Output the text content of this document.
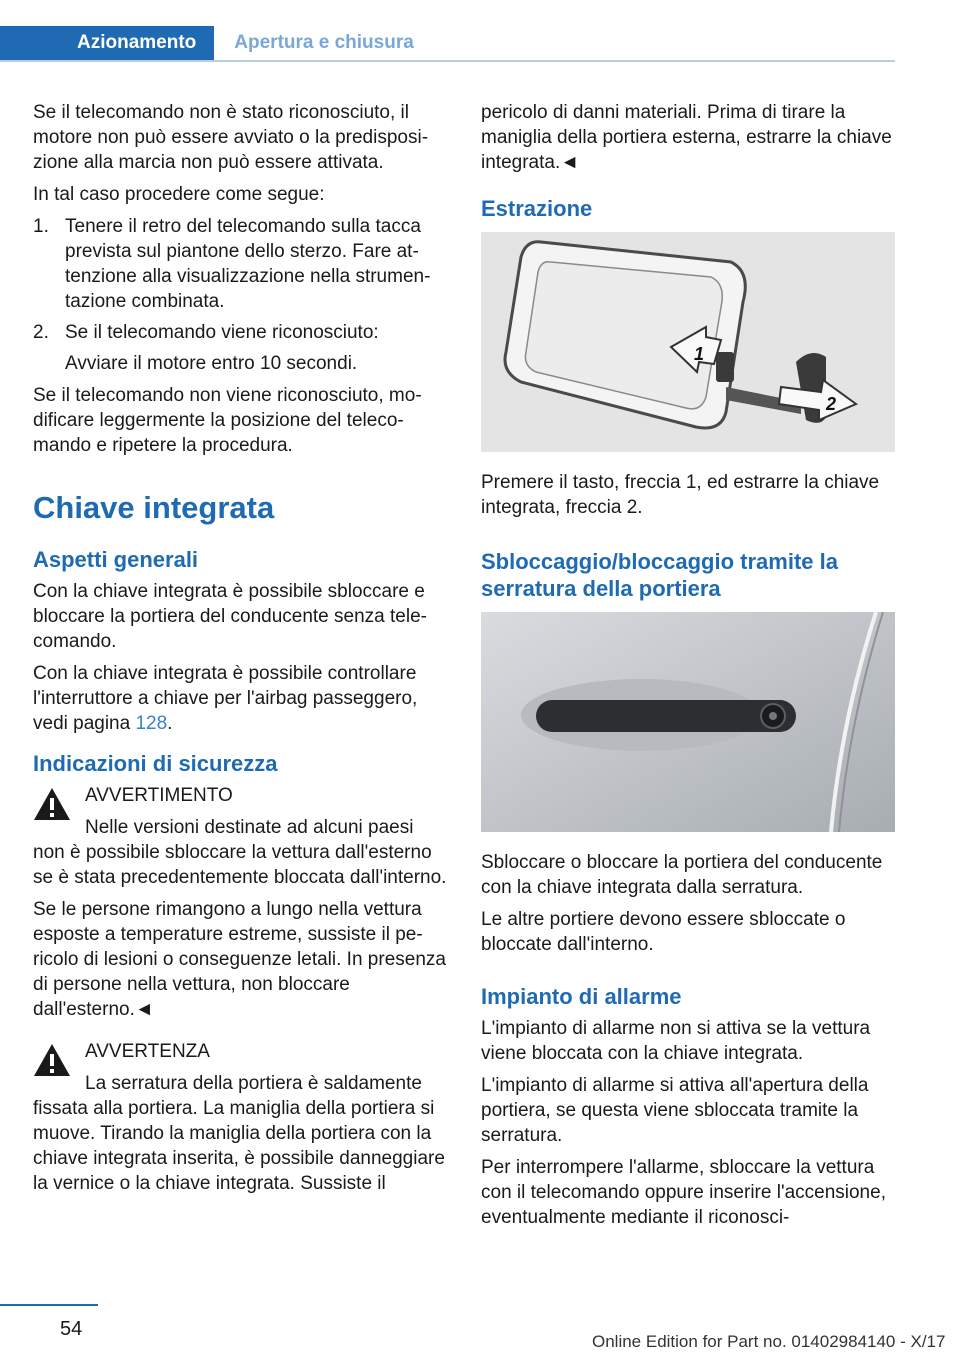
Azionamento	Apertura e chiusura

Se il telecomando non è stato riconosciuto, il motore non può essere avviato o la predisposizione alla marcia non può essere attivata.

In tal caso procedere come segue:

1. Tenere il retro del telecomando sulla tacca prevista sul piantone dello sterzo. Fare attenzione alla visualizzazione nella strumentazione combinata.
2. Se il telecomando viene riconosciuto:
Avviare il motore entro 10 secondi.

Se il telecomando non viene riconosciuto, modificare leggermente la posizione del telecomando e ripetere la procedura.

Chiave integrata
Aspetti generali

Con la chiave integrata è possibile sbloccare e bloccare la portiera del conducente senza telecomando.

Con la chiave integrata è possibile controllare l'interruttore a chiave per l'airbag passeggero, vedi pagina 128.

Indicazioni di sicurezza

AVVERTIMENTO

Nelle versioni destinate ad alcuni paesi non è possibile sbloccare la vettura dall'esterno se è stata precedentemente bloccata dall'interno.

Se le persone rimangono a lungo nella vettura esposte a temperature estreme, sussiste il pericolo di lesioni o conseguenze letali. In presenza di persone nella vettura, non bloccare dall'esterno.◄

AVVERTENZA

La serratura della portiera è saldamente fissata alla portiera. La maniglia della portiera si muove. Tirando la maniglia della portiera con la chiave integrata inserita, è possibile danneggiare la vernice o la chiave integrata. Sussiste il

pericolo di danni materiali. Prima di tirare la maniglia della portiera esterna, estrarre la chiave integrata.◄

Estrazione
1
2

Premere il tasto, freccia 1, ed estrarre la chiave integrata, freccia 2.

Sbloccaggio/bloccaggio tramite la serratura della portiera

Sbloccare o bloccare la portiera del conducente con la chiave integrata dalla serratura.

Le altre portiere devono essere sbloccate o bloccate dall'interno.

Impianto di allarme

L'impianto di allarme non si attiva se la vettura viene bloccata con la chiave integrata.

L'impianto di allarme si attiva all'apertura della portiera, se questa viene sbloccata tramite la serratura.

Per interrompere l'allarme, sbloccare la vettura con il telecomando oppure inserire l'accensione, eventualmente mediante il riconosci-

54
Online Edition for Part no. 01402984140 - X/17
